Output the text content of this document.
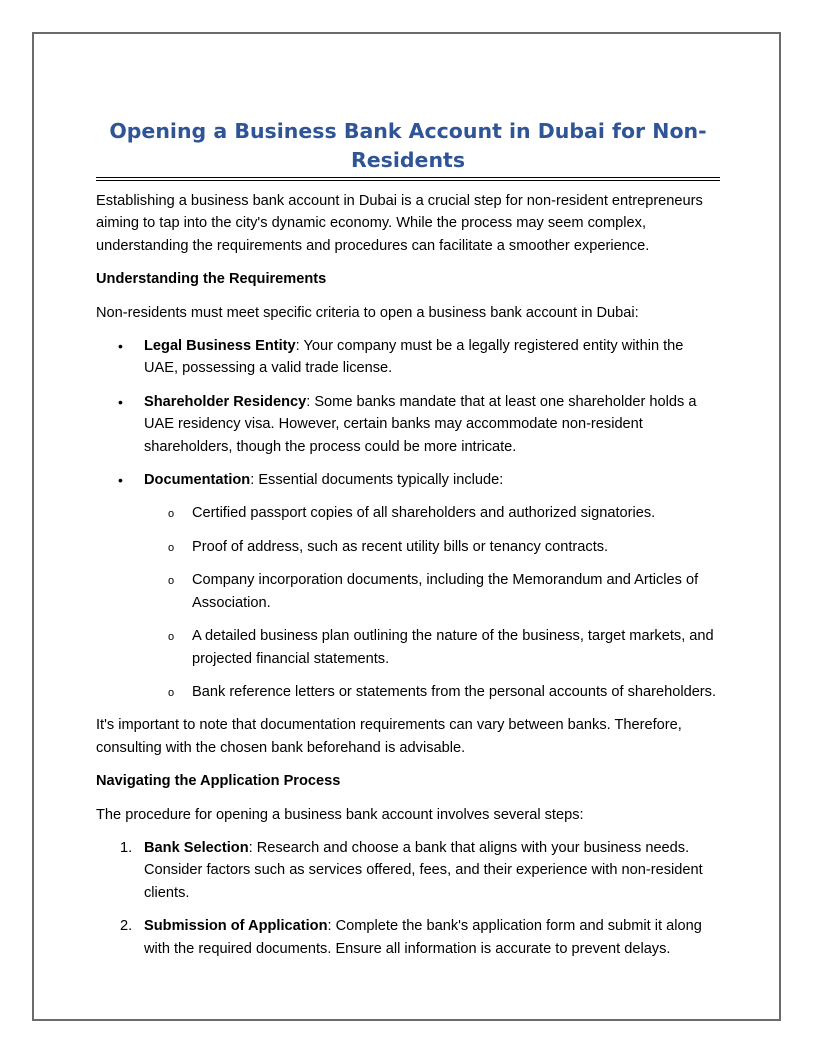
Opening a Business Bank Account in Dubai for Non-Residents

Establishing a business bank account in Dubai is a crucial step for non-resident entrepreneurs aiming to tap into the city's dynamic economy. While the process may seem complex, understanding the requirements and procedures can facilitate a smoother experience.

Understanding the Requirements

Non-residents must meet specific criteria to open a business bank account in Dubai:

• Legal Business Entity: Your company must be a legally registered entity within the UAE, possessing a valid trade license.
• Shareholder Residency: Some banks mandate that at least one shareholder holds a UAE residency visa. However, certain banks may accommodate non-resident shareholders, though the process could be more intricate.
• Documentation: Essential documents typically include:
o Certified passport copies of all shareholders and authorized signatories.
o Proof of address, such as recent utility bills or tenancy contracts.
o Company incorporation documents, including the Memorandum and Articles of Association.
o A detailed business plan outlining the nature of the business, target markets, and projected financial statements.
o Bank reference letters or statements from the personal accounts of shareholders.

It's important to note that documentation requirements can vary between banks. Therefore, consulting with the chosen bank beforehand is advisable.

Navigating the Application Process

The procedure for opening a business bank account involves several steps:

1. Bank Selection: Research and choose a bank that aligns with your business needs. Consider factors such as services offered, fees, and their experience with non-resident clients.
2. Submission of Application: Complete the bank's application form and submit it along with the required documents. Ensure all information is accurate to prevent delays.
